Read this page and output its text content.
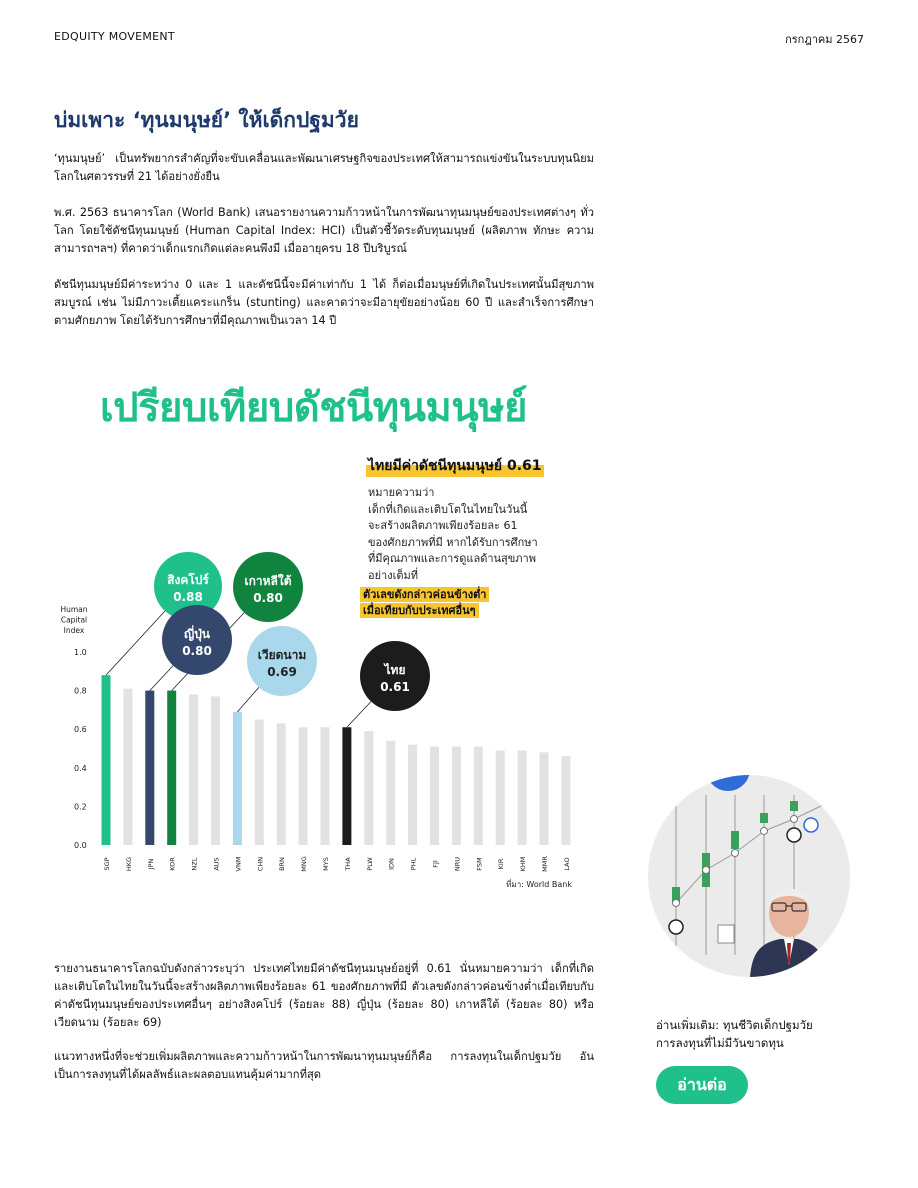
EDQUITY MOVEMENT	กรกฎาคม 2567
บ่มเพาะ ‘ทุนมนุษย์’ ให้เด็กปฐมวัย

‘ทุนมนุษย์’ เป็นทรัพยากรสำคัญที่จะขับเคลื่อนและพัฒนาเศรษฐกิจของประเทศให้สามารถแข่งขันในระบบทุนนิยมโลกในศตวรรษที่ 21 ได้อย่างยั่งยืน

พ.ศ. 2563 ธนาคารโลก (World Bank) เสนอรายงานความก้าวหน้าในการพัฒนาทุนมนุษย์ของประเทศต่างๆ ทั่วโลก โดยใช้ดัชนีทุนมนุษย์ (Human Capital Index: HCI) เป็นตัวชี้วัดระดับทุนมนุษย์ (ผลิตภาพ ทักษะ ความสามารถฯลฯ) ที่คาดว่าเด็กแรกเกิดแต่ละคนพึงมี เมื่ออายุครบ 18 ปีบริบูรณ์

ดัชนีทุนมนุษย์มีค่าระหว่าง 0 และ 1 และดัชนีนี้จะมีค่าเท่ากับ 1 ได้ ก็ต่อเมื่อมนุษย์ที่เกิดในประเทศนั้นมีสุขภาพสมบูรณ์ เช่น ไม่มีภาวะเตี้ยแคระแกร็น (stunting) และคาดว่าจะมีอายุขัยอย่างน้อย 60 ปี และสำเร็จการศึกษาตามศักยภาพ โดยได้รับการศึกษาที่มีคุณภาพเป็นเวลา 14 ปี

เปรียบเทียบดัชนีทุนมนุษย์
ไทยมีค่าดัชนีทุนมนุษย์ 0.61
หมายความว่า
เด็กที่เกิดและเติบโตในไทยในวันนี้
จะสร้างผลิตภาพเพียงร้อยละ 61
ของศักยภาพที่มี หากได้รับการศึกษา
ที่มีคุณภาพและการดูแลด้านสุขภาพ
อย่างเต็มที่
ตัวเลขดังกล่าวค่อนข้างต่ำ
เมื่อเทียบกับประเทศอื่นๆ
Human
Capital
Index
0.0
0.2
0.4
0.6
0.8
1.0
SGP HKG JPN KOR NZL AUS VNM CHN BRN MNG MYS THA PLW IDN PHL FJI NRU FSM KIR KHM MMR LAO
สิงคโปร์
0.88
ญี่ปุ่น
0.80
เกาหลีใต้
0.80
เวียดนาม
0.69	ไทย
0.61
ที่มา: World Bank

รายงานธนาคารโลกฉบับดังกล่าวระบุว่า ประเทศไทยมีค่าดัชนีทุนมนุษย์อยู่ที่ 0.61 นั่นหมายความว่า เด็กที่เกิดและเติบโตในไทยในวันนี้จะสร้างผลิตภาพเพียงร้อยละ 61 ของศักยภาพที่มี ตัวเลขดังกล่าวค่อนข้างต่ำเมื่อเทียบกับค่าดัชนีทุนมนุษย์ของประเทศอื่นๆ อย่างสิงคโปร์ (ร้อยละ 88) ญี่ปุ่น (ร้อยละ 80) เกาหลีใต้ (ร้อยละ 80) หรือเวียดนาม (ร้อยละ 69)

แนวทางหนึ่งที่จะช่วยเพิ่มผลิตภาพและความก้าวหน้าในการพัฒนาทุนมนุษย์ก็คือ การลงทุนในเด็กปฐมวัย อันเป็นการลงทุนที่ได้ผลลัพธ์และผลตอบแทนคุ้มค่ามากที่สุด

อ่านเพิ่มเติม: ทุนชีวิตเด็กปฐมวัย
การลงทุนที่ไม่มีวันขาดทุน
อ่านต่อ
